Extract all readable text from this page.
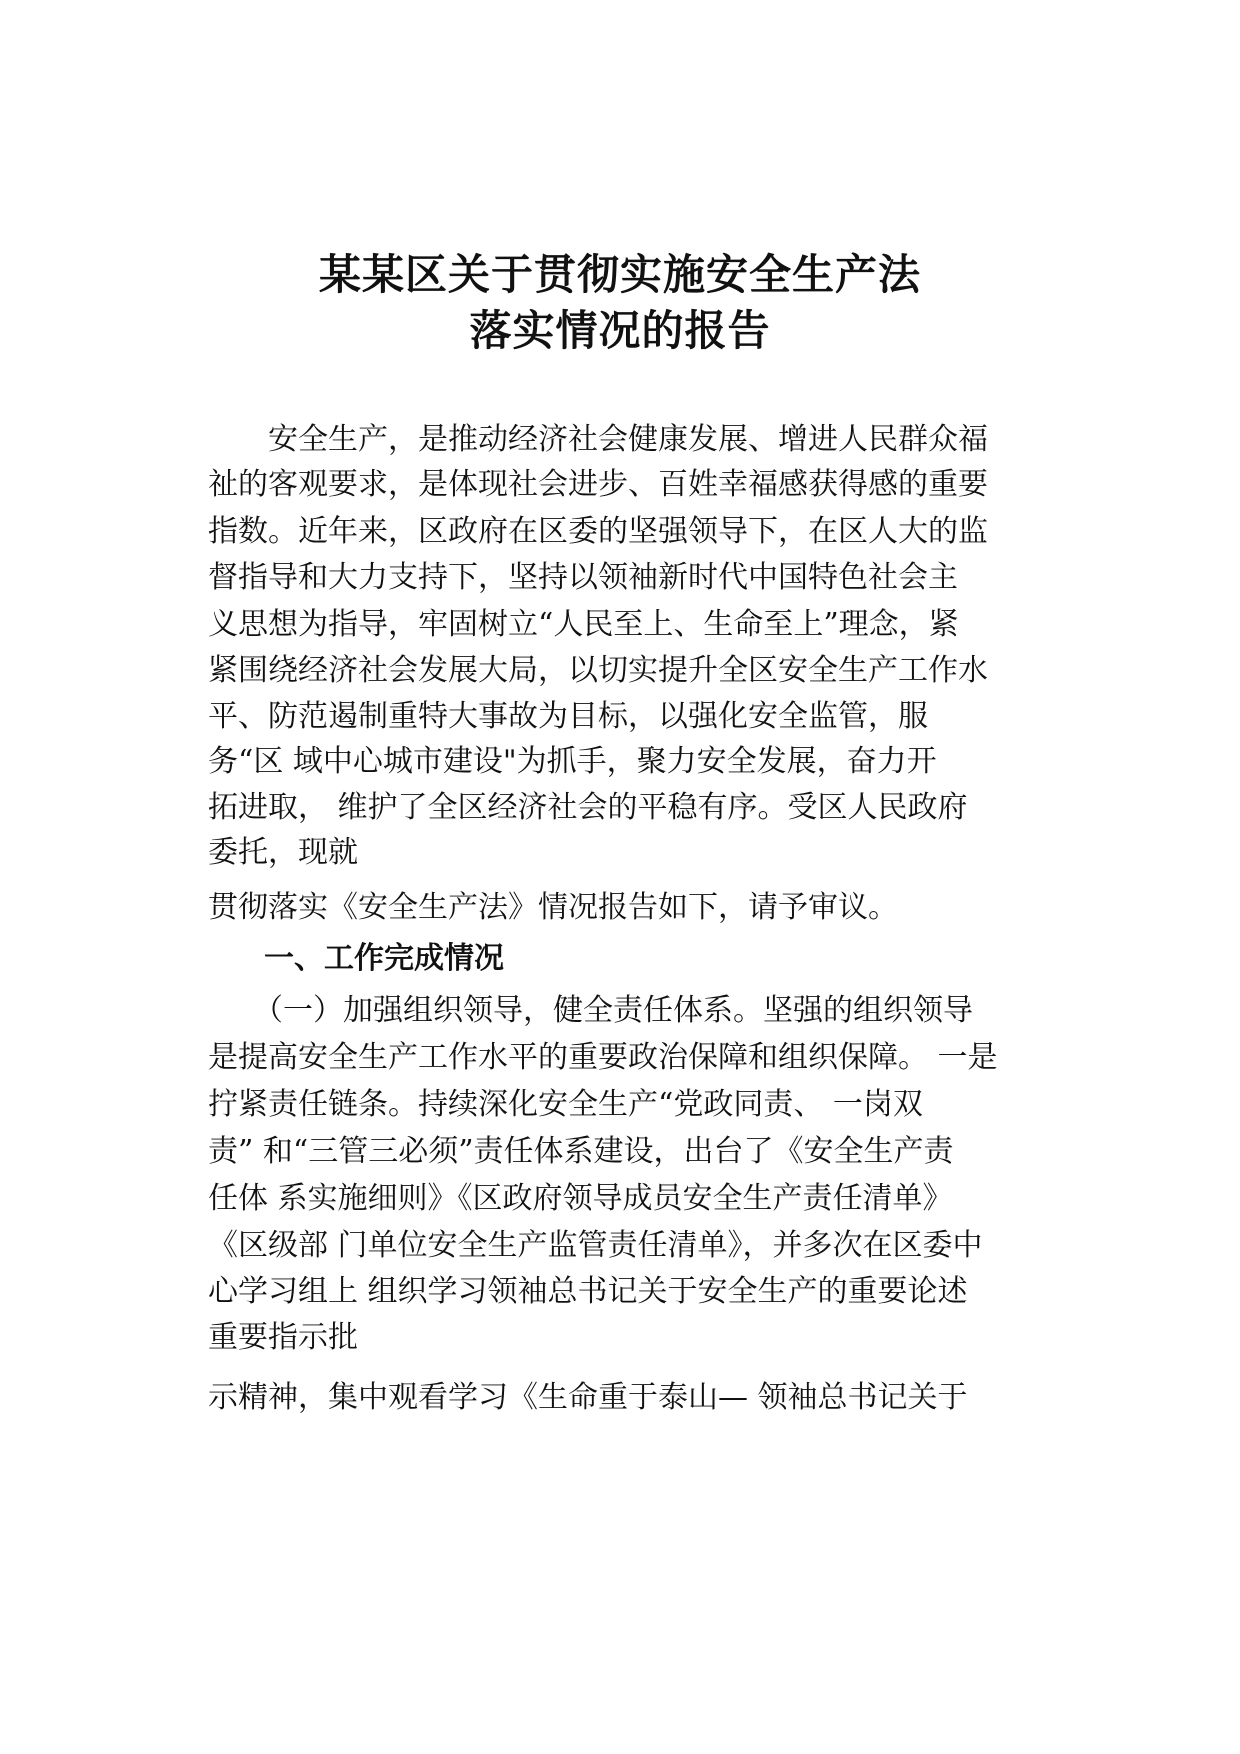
某某区关于贯彻实施安全生产法
落实情况的报告

　　安全生产，是推动经济社会健康发展、增进人民群众福

祉的客观要求，是体现社会进步、百姓幸福感获得感的重要

指数。近年来，区政府在区委的坚强领导下，在区人大的监

督指导和大力支持下，坚持以领袖新时代中国特色社会主

义思想为指导，牢固树立“人民至上、生命至上”理念，紧

紧围绕经济社会发展大局，以切实提升全区安全生产工作水

平、防范遏制重特大事故为目标，以强化安全监管，服

务“区 域中心城市建设"为抓手，聚力安全发展，奋力开

拓进取， 维护了全区经济社会的平稳有序。受区人民政府

委托，现就

贯彻落实《安全生产法》情况报告如下，请予审议。

一、工作完成情况

　　（一）加强组织领导，健全责任体系。坚强的组织领导

是提高安全生产工作水平的重要政治保障和组织保障。 一是

拧紧责任链条。持续深化安全生产“党政同责、 一岗双

责” 和“三管三必须”责任体系建设，出台了《安全生产责

任体 系实施细则》《区政府领导成员安全生产责任清单》

《区级部 门单位安全生产监管责任清单》，并多次在区委中

心学习组上 组织学习领袖总书记关于安全生产的重要论述

重要指示批

示精神，集中观看学习《生命重于泰山— 领袖总书记关于
